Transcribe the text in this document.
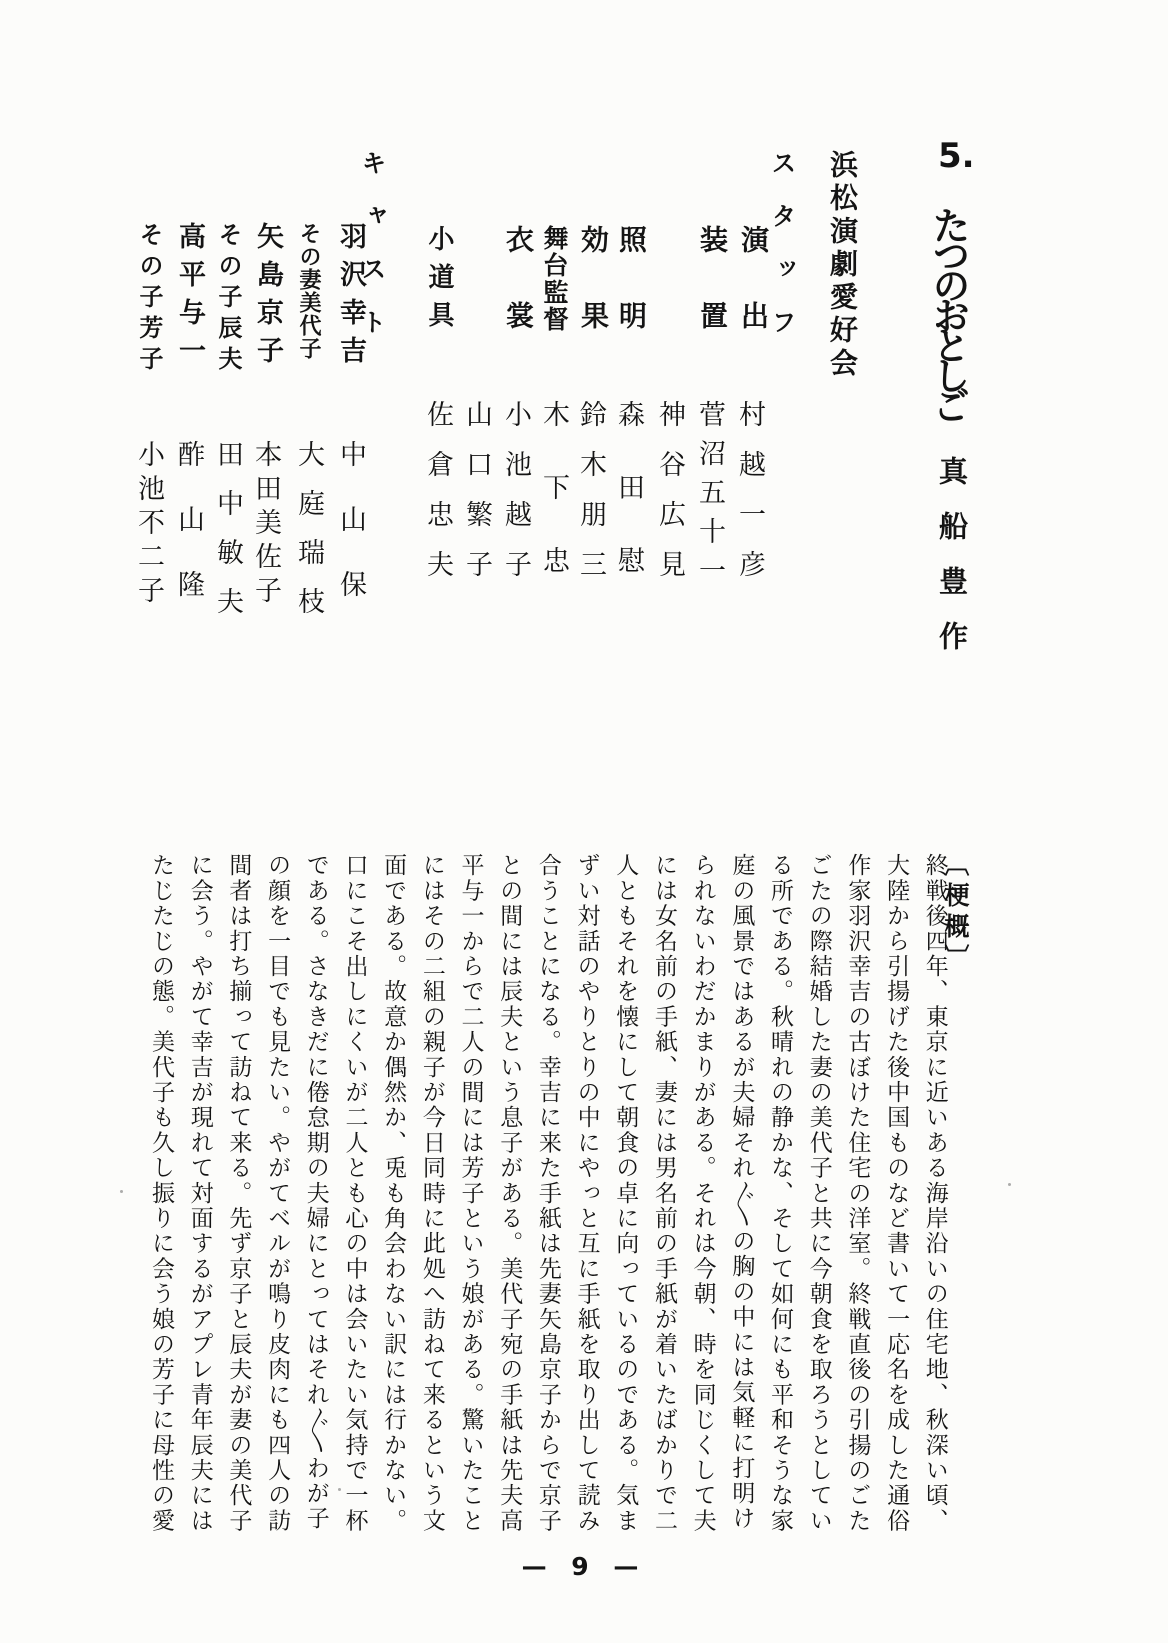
5.
たつのおとしご
真船豊作
浜松演劇愛好会
スタッフ
演出
村越一彦
装置
菅沼五十一
神谷広見
照明
森田慰
効果
鈴木朋三
舞台監督
木下忠
衣裳
小池越子
山口繁子
小道具
佐倉忠夫
キャスト
羽沢幸吉
中山保
その妻美代子
大庭瑞枝
矢島京子
本田美佐子
その子辰夫
田中敏夫
高平与一
酢山隆
その子芳子
小池不二子
〔梗概〕
終戦後四年、東京に近いある海岸沿いの住宅地、秋深い頃、
大陸から引揚げた後中国ものなど書いて一応名を成した通俗
作家羽沢幸吉の古ぼけた住宅の洋室。終戦直後の引揚のごた
ごたの際結婚した妻の美代子と共に今朝食を取ろうとしてい
る所である。秋晴れの静かな、そして如何にも平和そうな家
庭の風景ではあるが夫婦それ〴〵の胸の中には気軽に打明け
られないわだかまりがある。それは今朝、時を同じくして夫
には女名前の手紙、妻には男名前の手紙が着いたばかりで二
人ともそれを懐にして朝食の卓に向っているのである。気ま
ずい対話のやりとりの中にやっと互に手紙を取り出して読み
合うことになる。幸吉に来た手紙は先妻矢島京子からで京子
との間には辰夫という息子がある。美代子宛の手紙は先夫高
平与一からで二人の間には芳子という娘がある。驚いたこと
にはその二組の親子が今日同時に此処へ訪ねて来るという文
面である。故意か偶然か、兎も角会わない訳には行かない。
口にこそ出しにくいが二人とも心の中は会いたい気持で一杯
である。さなきだに倦怠期の夫婦にとってはそれ〴〵わが子
の顔を一目でも見たい。やがてベルが鳴り皮肉にも四人の訪
間者は打ち揃って訪ねて来る。先ず京子と辰夫が妻の美代子
に会う。やがて幸吉が現れて対面するがアプレ青年辰夫には
たじたじの態。美代子も久し振りに会う娘の芳子に母性の愛
— 9 —
